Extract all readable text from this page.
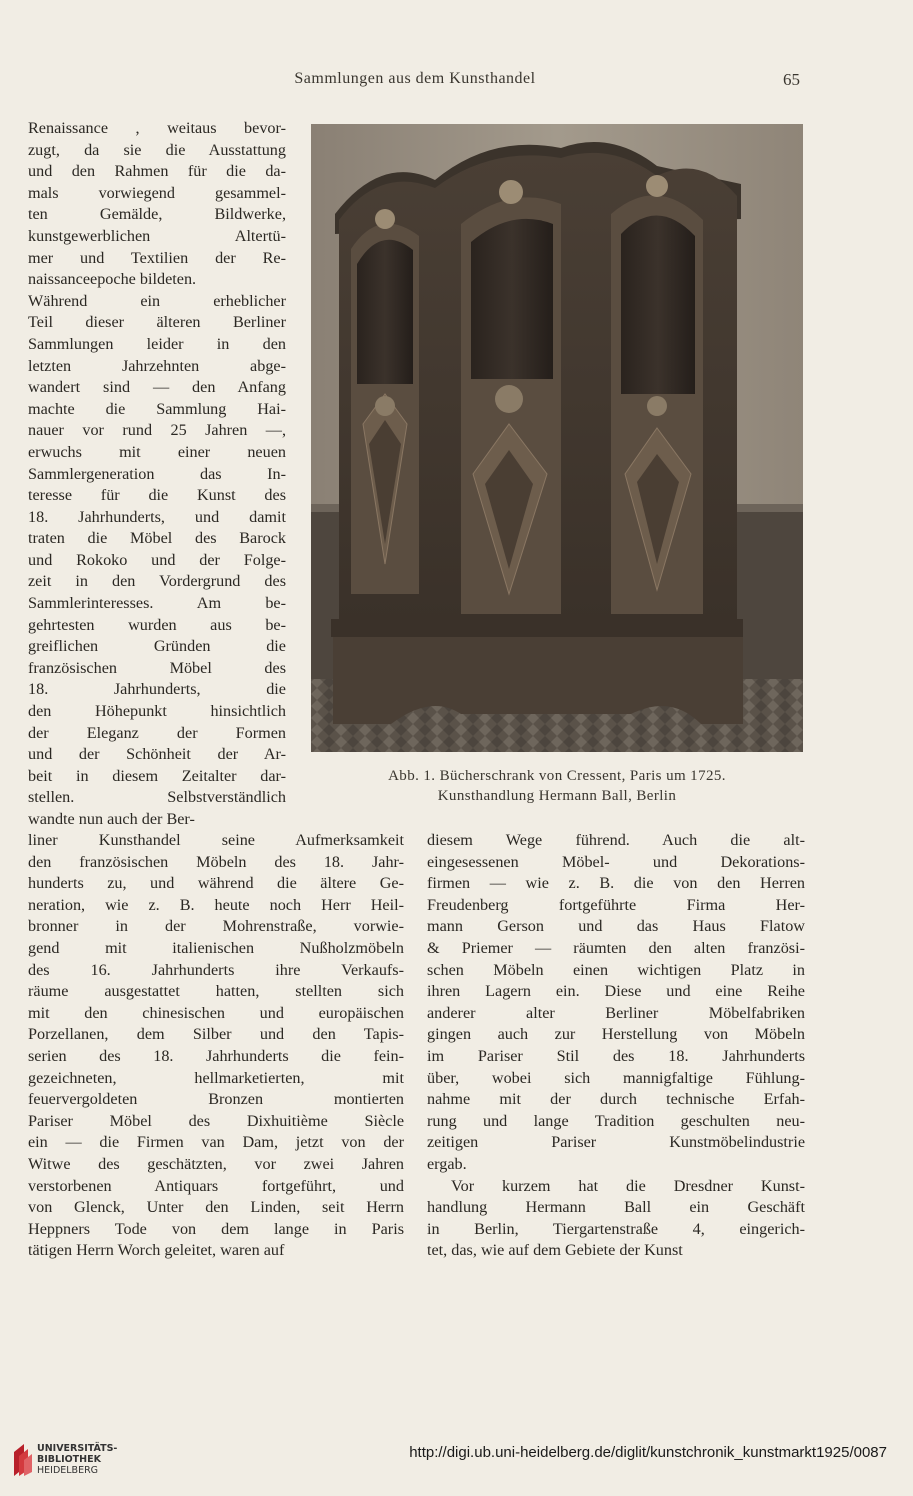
Sammlungen aus dem Kunsthandel	65
Renaissance , weitaus bevor-
zugt, da sie die Ausstattung
und den Rahmen für die da-
mals vorwiegend gesammel-
ten Gemälde, Bildwerke,
kunstgewerblichen Altertü-
mer und Textilien der Re-
naissanceepoche bildeten.
Während ein erheblicher
Teil dieser älteren Berliner
Sammlungen leider in den
letzten Jahrzehnten abge-
wandert sind — den Anfang
machte die Sammlung Hai-
nauer vor rund 25 Jahren —,
erwuchs mit einer neuen
Sammlergeneration das In-
teresse für die Kunst des
18. Jahrhunderts, und damit
traten die Möbel des Barock
und Rokoko und der Folge-
zeit in den Vordergrund des
Sammlerinteresses. Am be-
gehrtesten wurden aus be-
greiflichen Gründen die
französischen Möbel des
18. Jahrhunderts, die
den Höhepunkt hinsichtlich
der Eleganz der Formen
und der Schönheit der Ar-
beit in diesem Zeitalter dar-
stellen. Selbstverständlich
wandte nun auch der Ber-
Abb. 1. Bücherschrank von Cressent, Paris um 1725.
Kunsthandlung Hermann Ball, Berlin
liner Kunsthandel seine Aufmerksamkeit
den französischen Möbeln des 18. Jahr-
hunderts zu, und während die ältere Ge-
neration, wie z. B. heute noch Herr Heil-
bronner in der Mohrenstraße, vorwie-
gend mit italienischen Nußholzmöbeln
des 16. Jahrhunderts ihre Verkaufs-
räume ausgestattet hatten, stellten sich
mit den chinesischen und europäischen
Porzellanen, dem Silber und den Tapis-
serien des 18. Jahrhunderts die fein-
gezeichneten, hellmarketierten, mit
feuervergoldeten Bronzen montierten
Pariser Möbel des Dixhuitième Siècle
ein — die Firmen van Dam, jetzt von der
Witwe des geschätzten, vor zwei Jahren
verstorbenen Antiquars fortgeführt, und
von Glenck, Unter den Linden, seit Herrn
Heppners Tode von dem lange in Paris
tätigen Herrn Worch geleitet, waren auf
diesem Wege führend. Auch die alt-
eingesessenen Möbel- und Dekorations-
firmen — wie z. B. die von den Herren
Freudenberg fortgeführte Firma Her-
mann Gerson und das Haus Flatow
& Priemer — räumten den alten französi-
schen Möbeln einen wichtigen Platz in
ihren Lagern ein. Diese und eine Reihe
anderer alter Berliner Möbelfabriken
gingen auch zur Herstellung von Möbeln
im Pariser Stil des 18. Jahrhunderts
über, wobei sich mannigfaltige Fühlung-
nahme mit der durch technische Erfah-
rung und lange Tradition geschulten neu-
zeitigen Pariser Kunstmöbelindustrie
ergab.
Vor kurzem hat die Dresdner Kunst-
handlung Hermann Ball ein Geschäft
in Berlin, Tiergartenstraße 4, eingerich-
tet, das, wie auf dem Gebiete der Kunst
UNIVERSITÄTS-
BIBLIOTHEK
HEIDELBERG
http://digi.ub.uni-heidelberg.de/diglit/kunstchronik_kunstmarkt1925/0087
